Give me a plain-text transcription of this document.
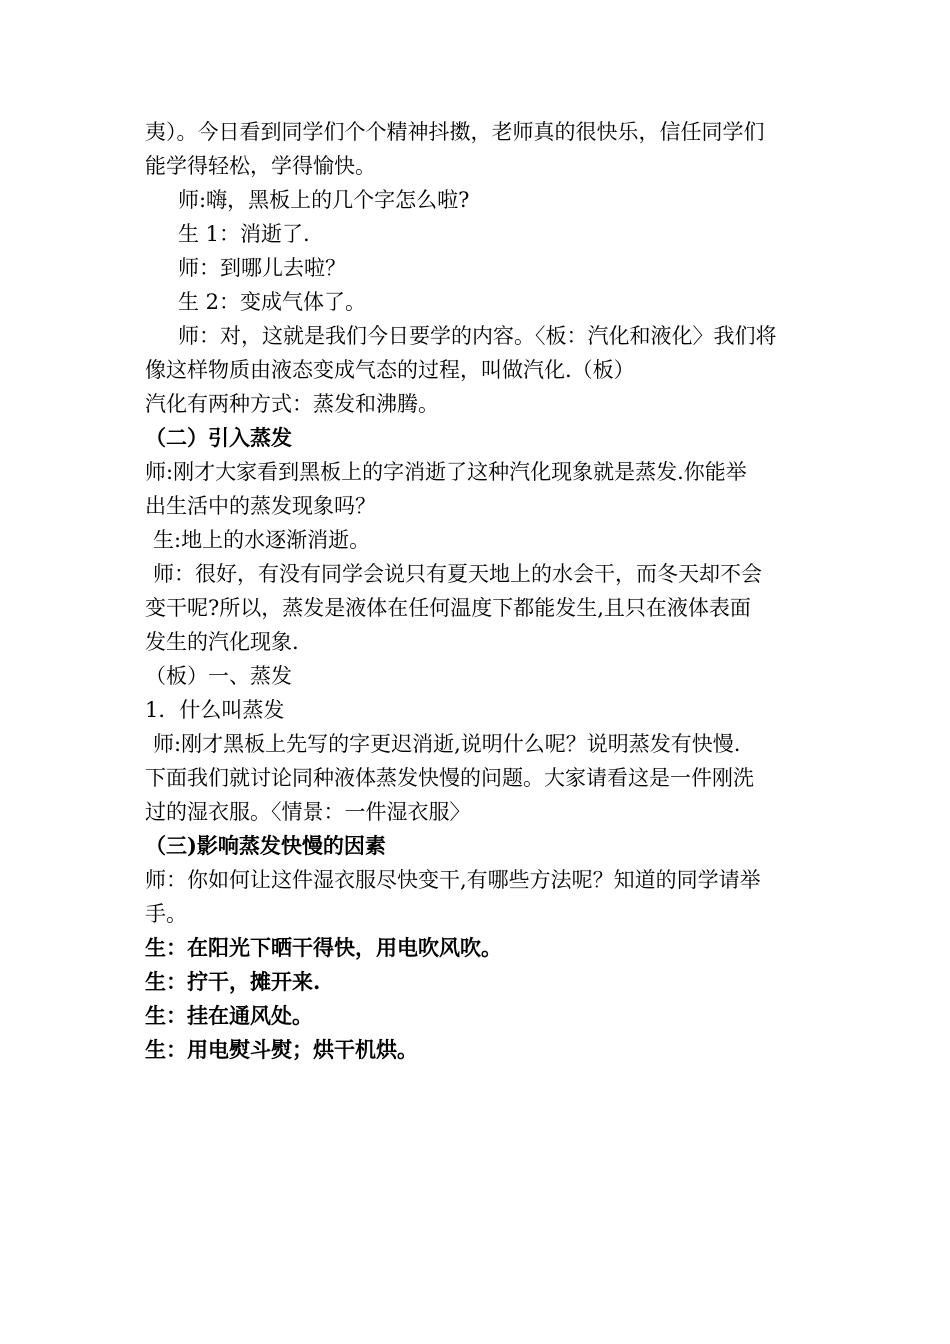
夷）。今日看到同学们个个精神抖擞，老师真的很快乐，信任同学们
能学得轻松，学得愉快。
师:嗨，黑板上的几个字怎么啦?
生 1：消逝了.
师：到哪儿去啦？
生 2：变成气体了。
师：对，这就是我们今日要学的内容。〈板：汽化和液化〉我们将
像这样物质由液态变成气态的过程，叫做汽化.（板）
汽化有两种方式：蒸发和沸腾。
（二）引入蒸发
师:刚才大家看到黑板上的字消逝了这种汽化现象就是蒸发.你能举
出生活中的蒸发现象吗？
生:地上的水逐渐消逝。
师：很好，有没有同学会说只有夏天地上的水会干，而冬天却不会
变干呢?所以，蒸发是液体在任何温度下都能发生,且只在液体表面
发生的汽化现象.
（板）一、蒸发
1．什么叫蒸发
师:刚才黑板上先写的字更迟消逝,说明什么呢？说明蒸发有快慢.
下面我们就讨论同种液体蒸发快慢的问题。大家请看这是一件刚洗
过的湿衣服。〈情景：一件湿衣服〉
（三)影响蒸发快慢的因素
师：你如何让这件湿衣服尽快变干,有哪些方法呢？知道的同学请举
手。
生：在阳光下晒干得快，用电吹风吹。
生：拧干，摊开来.
生：挂在通风处。
生：用电熨斗熨；烘干机烘。
